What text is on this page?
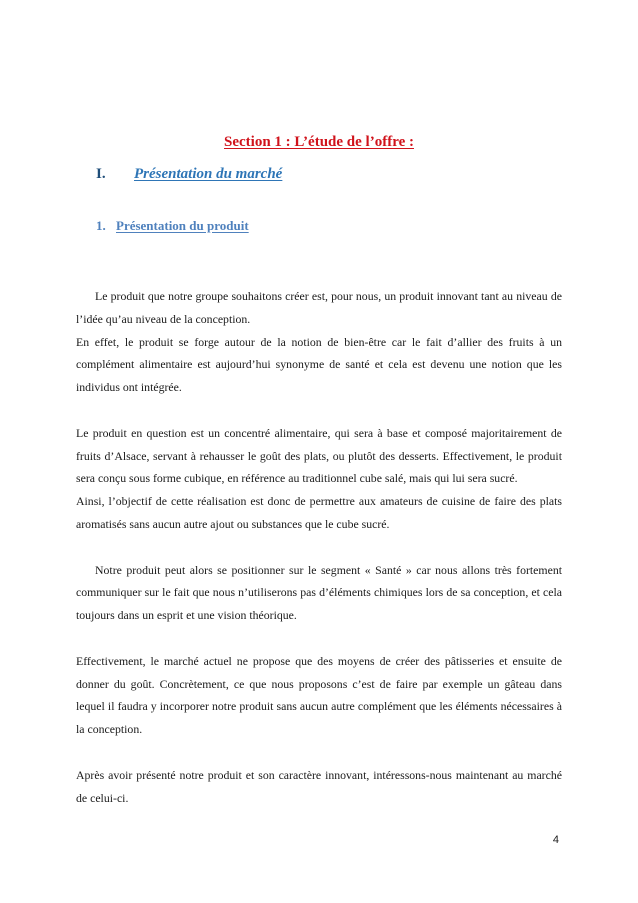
Section 1 : L’étude de l’offre :
I.	Présentation du marché
1. Présentation du produit

Le produit que notre groupe souhaitons créer est, pour nous, un produit innovant tant au niveau de l’idée qu’au niveau de la conception.

En effet, le produit se forge autour de la notion de bien-être car le fait d’allier des fruits à un complément alimentaire est aujourd’hui synonyme de santé et cela est devenu une notion que les individus ont intégrée.

Le produit en question est un concentré alimentaire, qui sera à base et composé majoritairement de fruits d’Alsace, servant à rehausser le goût des plats, ou plutôt des desserts. Effectivement, le produit sera conçu sous forme cubique, en référence au traditionnel cube salé, mais qui lui sera sucré.

Ainsi, l’objectif de cette réalisation est donc de permettre aux amateurs de cuisine de faire des plats aromatisés sans aucun autre ajout ou substances que le cube sucré.

Notre produit peut alors se positionner sur le segment « Santé » car nous allons très fortement communiquer sur le fait que nous n’utiliserons pas d’éléments chimiques lors de sa conception, et cela toujours dans un esprit et une vision théorique.

Effectivement, le marché actuel ne propose que des moyens de créer des pâtisseries et ensuite de donner du goût. Concrètement, ce que nous proposons c’est de faire par exemple un gâteau dans lequel il faudra y incorporer notre produit sans aucun autre complément que les éléments nécessaires à la conception.

Après avoir présenté notre produit et son caractère innovant, intéressons-nous maintenant au marché de celui-ci.

4
